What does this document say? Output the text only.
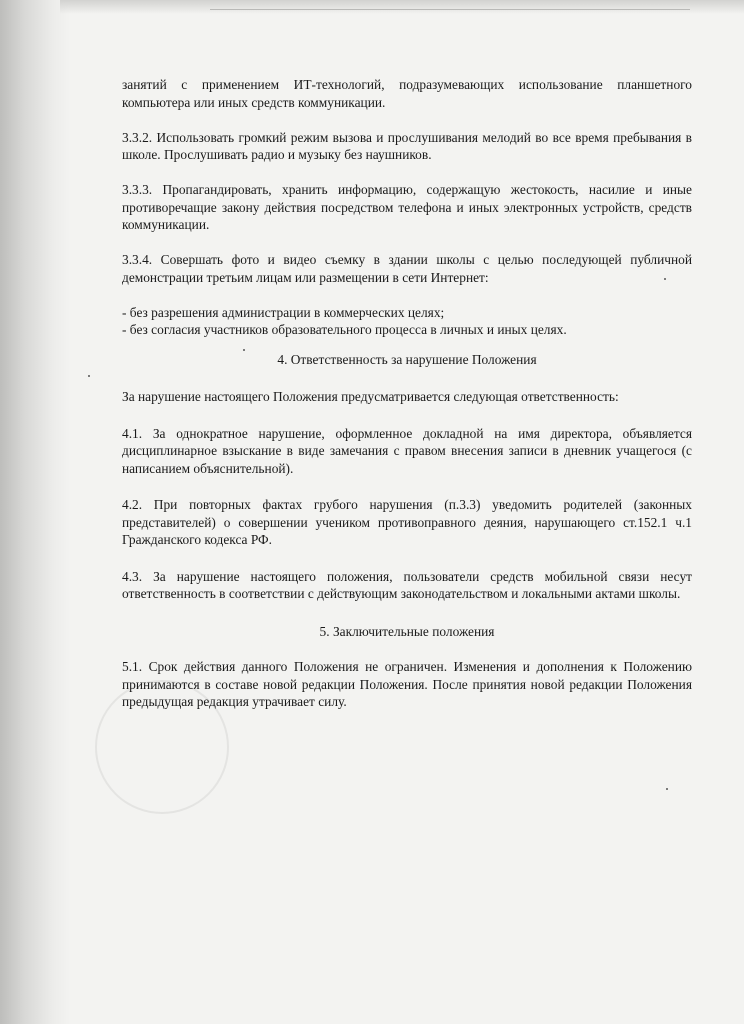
занятий с применением ИТ-технологий, подразумевающих использование планшетного компьютера или иных средств коммуникации.

3.3.2. Использовать громкий режим вызова и прослушивания мелодий во все время пребывания в школе. Прослушивать радио и музыку без наушников.

3.3.3. Пропагандировать, хранить информацию, содержащую жестокость, насилие и иные противоречащие закону действия посредством телефона и иных электронных устройств, средств коммуникации.

3.3.4. Совершать фото и видео съемку в здании школы с целью последующей публичной демонстрации третьим лицам или размещении в сети Интернет:

- без разрешения администрации в коммерческих целях;

- без согласия участников образовательного процесса в личных и иных целях.

4. Ответственность за нарушение Положения

За нарушение настоящего Положения предусматривается следующая ответственность:

4.1. За однократное нарушение, оформленное докладной на имя директора, объявляется дисциплинарное взыскание в виде замечания с правом внесения записи в дневник учащегося (с написанием объяснительной).

4.2. При повторных фактах грубого нарушения (п.3.3) уведомить родителей (законных представителей) о совершении учеником противоправного деяния, нарушающего ст.152.1 ч.1 Гражданского кодекса РФ.

4.3. За нарушение настоящего положения, пользователи средств мобильной связи несут ответственность в соответствии с действующим законодательством и локальными актами школы.

5. Заключительные положения

5.1. Срок действия данного Положения не ограничен. Изменения и дополнения к Положению принимаются в составе новой редакции Положения. После принятия новой редакции Положения предыдущая редакция утрачивает силу.
